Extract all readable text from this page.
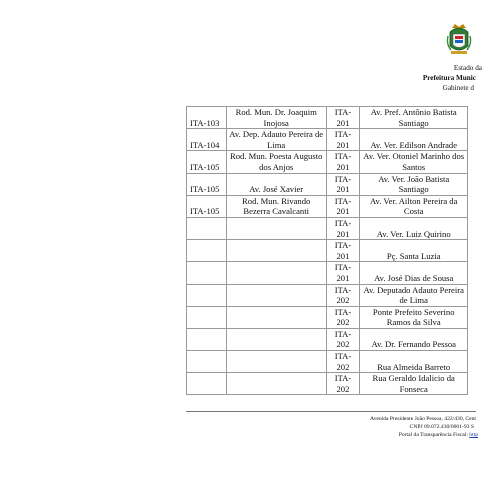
Estado da
Prefeitura Munic
Gabinete d
ITA-103	Rod. Mun. Dr. Joaquim Inojosa	ITA-201	Av. Pref. Antônio Batista Santiago
ITA-104	Av. Dep. Adauto Pereira de Lima	ITA-201	Av. Ver. Edilson Andrade
ITA-105	Rod. Mun. Poesta Augusto dos Anjos	ITA-201	Av. Ver. Otoniel Marinho dos Santos
ITA-105	Av. José Xavier	ITA-201	Av. Ver. João Batista Santiago
ITA-105	Rod. Mun. Rivando Bezerra Cavalcanti	ITA-201	Av. Ver. Ailton Pereira da Costa
		ITA-201	Av. Ver. Luiz Quirino
		ITA-201	Pç. Santa Luzia
		ITA-201	Av. José Dias de Sousa
		ITA-202	Av. Deputado Adauto Pereira de Lima
		ITA-202	Ponte Prefeito Severino Ramos da Silva
		ITA-202	Av. Dr. Fernando Pessoa
		ITA-202	Rua Almeida Barreto
		ITA-202	Rua Geraldo Idalicio da Fonseca
Avenida Presidente João Pessoa, 422/430, Cent
CNPJ 09.072.430/0001-93 S
Portal da Transparência Fiscal: http
